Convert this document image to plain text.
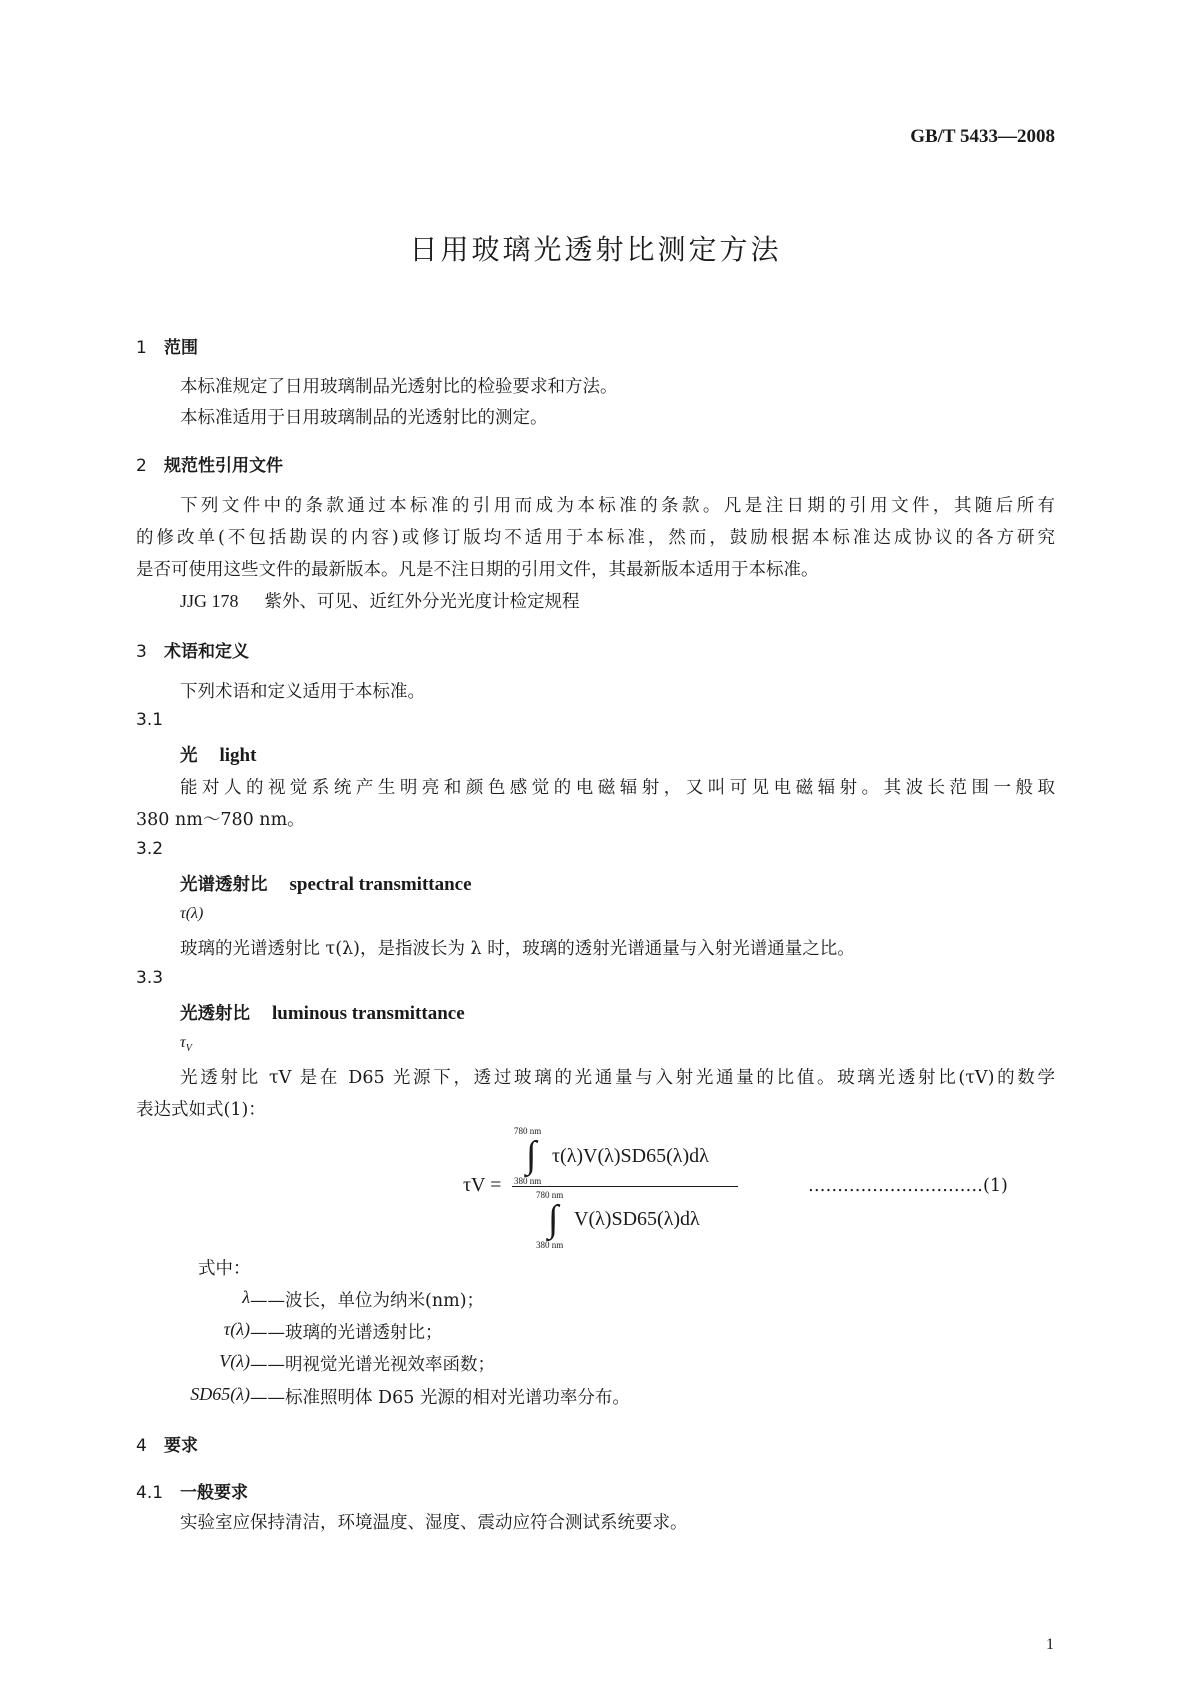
GB/T 5433—2008
日用玻璃光透射比测定方法
1 范围
本标准规定了日用玻璃制品光透射比的检验要求和方法。
本标准适用于日用玻璃制品的光透射比的测定。
2 规范性引用文件
下列文件中的条款通过本标准的引用而成为本标准的条款。凡是注日期的引用文件，其随后所有
的修改单(不包括勘误的内容)或修订版均不适用于本标准，然而，鼓励根据本标准达成协议的各方研究
是否可使用这些文件的最新版本。凡是不注日期的引用文件，其最新版本适用于本标准。
JJG 178 紫外、可见、近红外分光光度计检定规程
3 术语和定义
下列术语和定义适用于本标准。
3.1
光 light
能对人的视觉系统产生明亮和颜色感觉的电磁辐射，又叫可见电磁辐射。其波长范围一般取
380 nm～780 nm。
3.2
光谱透射比 spectral transmittance
τ(λ)
玻璃的光谱透射比 τ(λ)，是指波长为 λ 时，玻璃的透射光谱通量与入射光谱通量之比。
3.3
光透射比 luminous transmittance
$\tau_V$
光透射比 τV 是在 D65 光源下，透过玻璃的光通量与入射光通量的比值。玻璃光透射比(τV)的数学
表达式如式(1)：
τV =
780 nm
∫
380 nm
τ(λ)V(λ)SD65(λ)dλ
780 nm
∫
380 nm
V(λ)SD65(λ)dλ
…………………………(1)
式中：
λ ——波长，单位为纳米(nm)；
τ(λ) ——玻璃的光谱透射比；
V(λ) ——明视觉光谱光视效率函数；
SD65(λ) ——标准照明体 D65 光源的相对光谱功率分布。
4 要求
4.1 一般要求
实验室应保持清洁，环境温度、湿度、震动应符合测试系统要求。
1
